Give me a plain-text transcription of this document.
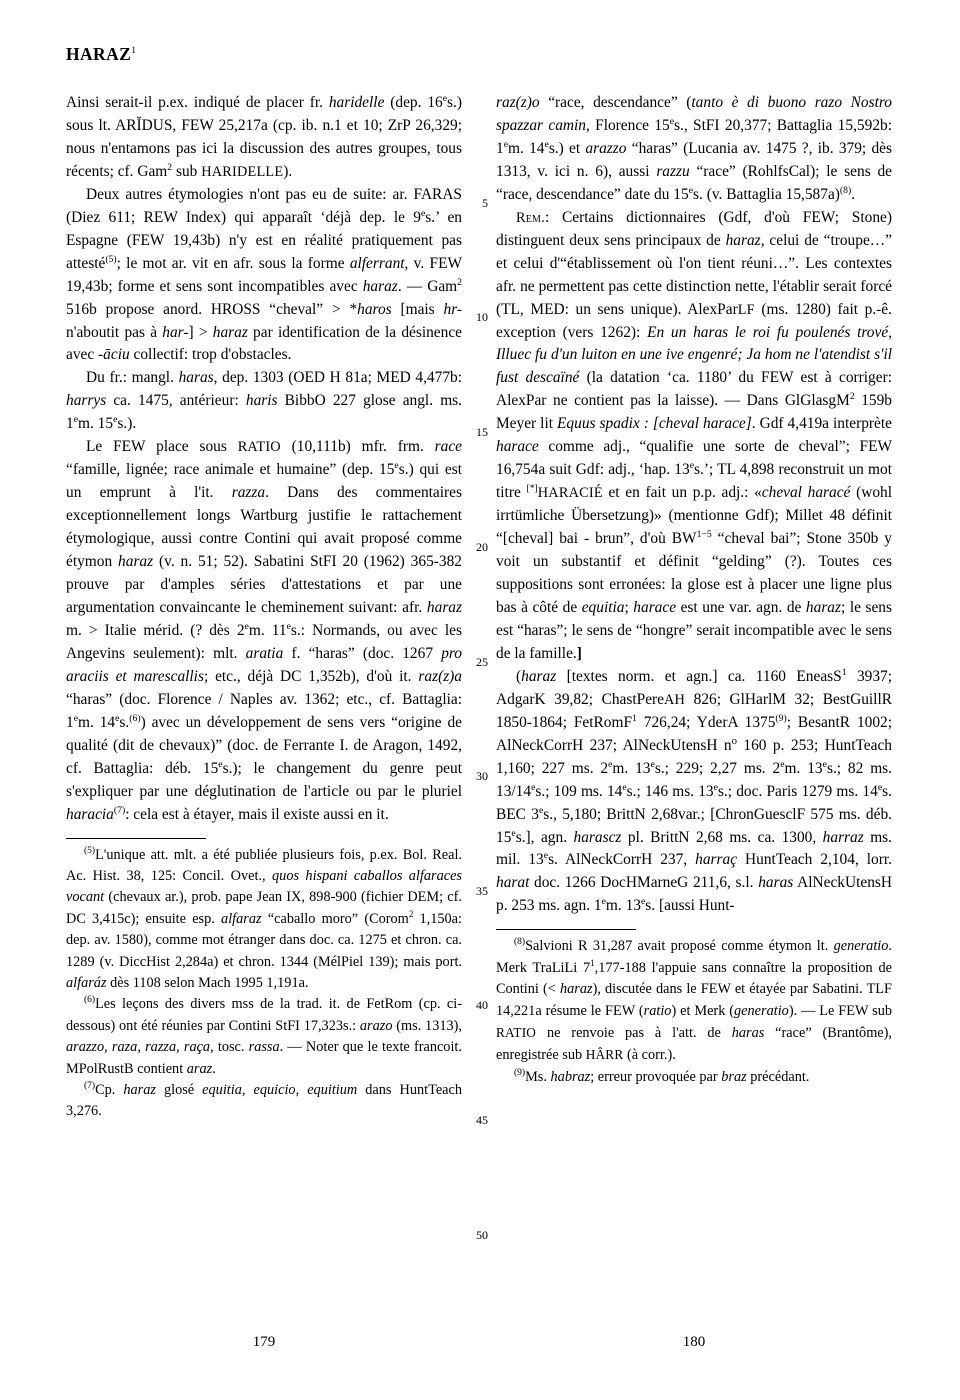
HARAZ$^1$

Ainsi serait-il p.ex. indiqué de placer fr. haridelle (dep. 16es.) sous lt. ARĬDUS, FEW 25,217a (cp. ib. n.1 et 10; ZrP 26,329; nous n'entamons pas ici la discussion des autres groupes, tous récents; cf. Gam$^2$ sub HARIDELLE).

Deux autres étymologies n'ont pas eu de suite: ar. FARAS (Diez 611; REW Index) qui apparaît ‘déjà dep. le 9es.’ en Espagne (FEW 19,43b) n'y est en réalité pratiquement pas attesté$^{(5)}$; le mot ar. vit en afr. sous la forme alferrant, v. FEW 19,43b; forme et sens sont incompatibles avec haraz. — Gam$^2$ 516b propose anord. HROSS “cheval” > *haros [mais hr- n'aboutit pas à har-] > haraz par identification de la désinence avec -āciu collectif: trop d'obstacles.

Du fr.: mangl. haras, dep. 1303 (OED H 81a; MED 4,477b: harrys ca. 1475, antérieur: haris BibbO 227 glose angl. ms. 1em. 15es.).

Le FEW place sous RATIO (10,111b) mfr. frm. race “famille, lignée; race animale et humaine” (dep. 15es.) qui est un emprunt à l'it. razza. Dans des commentaires exceptionnellement longs Wartburg justifie le rattachement étymologique, aussi contre Contini qui avait proposé comme étymon haraz (v. n. 51; 52). Sabatini StFI 20 (1962) 365-382 prouve par d'amples séries d'attestations et par une argumentation convaincante le cheminement suivant: afr. haraz m. > Italie mérid. (? dès 2em. 11es.: Normands, ou avec les Angevins seulement): mlt. aratia f. “haras” (doc. 1267 pro araciis et marescallis; etc., déjà DC 1,352b), d'où it. raz(z)a “haras” (doc. Florence / Naples av. 1362; etc., cf. Battaglia: 1em. 14es.$^{(6)}$) avec un développement de sens vers “origine de qualité (dit de chevaux)” (doc. de Ferrante I. de Aragon, 1492, cf. Battaglia: déb. 15es.); le changement du genre peut s'expliquer par une déglutination de l'article ou par le pluriel haracia$^{(7)}$: cela est à étayer, mais il existe aussi en it.

$^{(5)}$L'unique att. mlt. a été publiée plusieurs fois, p.ex. Bol. Real. Ac. Hist. 38, 125: Concil. Ovet., quos hispani caballos alfaraces vocant (chevaux ar.), prob. pape Jean IX, 898-900 (fichier DEM; cf. DC 3,415c); ensuite esp. alfaraz “caballo moro” (Corom$^2$ 1,150a: dep. av. 1580), comme mot étranger dans doc. ca. 1275 et chron. ca. 1289 (v. DiccHist 2,284a) et chron. 1344 (MélPiel 139); mais port. alfaráz dès 1108 selon Mach 1995 1,191a.

$^{(6)}$Les leçons des divers mss de la trad. it. de FetRom (cp. ci-dessous) ont été réunies par Contini StFI 17,323s.: arazo (ms. 1313), arazzo, raza, razza, raça, tosc. rassa. — Noter que le texte francoit. MPolRustB contient araz.

$^{(7)}$Cp. haraz glosé equitia, equicio, equitium dans HuntTeach 3,276.

raz(z)o “race, descendance” (tanto è di buono razo Nostro spazzar camin, Florence 15es., StFI 20,377; Battaglia 15,592b: 1em. 14es.) et arazzo “haras” (Lucania av. 1475 ?, ib. 379; dès 1313, v. ici n. 6), aussi razzu “race” (RohlfsCal); le sens de “race, descendance” date du 15es. (v. Battaglia 15,587a)$^{(8)}$.

Rem.: Certains dictionnaires (Gdf, d'où FEW; Stone) distinguent deux sens principaux de haraz, celui de “troupe…” et celui d'“établissement où l'on tient réuni…”. Les contextes afr. ne permettent pas cette distinction nette, l'établir serait forcé (TL, MED: un sens unique). AlexParLF (ms. 1280) fait p.-ê. exception (vers 1262): En un haras le roi fu poulenés trové, Illuec fu d'un luiton en une ive engenré; Ja hom ne l'atendist s'il fust descaïné (la datation ‘ca. 1180’ du FEW est à corriger: AlexPar ne contient pas la laisse). — Dans GlGlasgM$^2$ 159b Meyer lit Equus spadix : [cheval harace]. Gdf 4,419a interprète harace comme adj., “qualifie une sorte de cheval”; FEW 16,754a suit Gdf: adj., ‘hap. 13es.’; TL 4,898 reconstruit un mot titre [*]HARACIÉ et en fait un p.p. adj.: «cheval haracé (wohl irrtümliche Übersetzung)» (mentionne Gdf); Millet 48 définit “[cheval] bai - brun”, d'où $BW^{1-5}$ “cheval bai”; Stone 350b y voit un substantif et définit “gelding” (?). Toutes ces suppositions sont erronées: la glose est à placer une ligne plus bas à côté de equitia; harace est une var. agn. de haraz; le sens est “haras”; le sens de “hongre” serait incompatible avec le sens de la famille.]

(haraz [textes norm. et agn.] ca. 1160 EneasS$^1$ 3937; AdgarK 39,82; ChastPereAH 826; GlHarlM 32; BestGuillR 1850-1864; FetRomF$^1$ 726,24; YderA 1375$^{(9)}$; BesantR 1002; AlNeckCorrH 237; AlNeckUtensH $n^o$ 160 p. 253; HuntTeach 1,160; 227 ms. 2em. 13es.; 229; 2,27 ms. 2em. 13es.; 82 ms. 13/14es.; 109 ms. 14es.; 146 ms. 13es.; doc. Paris 1279 ms. 14es. BEC 3es., 5,180; BrittN 2,68var.; [ChronGuesclF 575 ms. déb. 15es.], agn. harascz pl. BrittN 2,68 ms. ca. 1300, harraz ms. mil. 13es. AlNeckCorrH 237, harraç HuntTeach 2,104, lorr. harat doc. 1266 DocHMarneG 211,6, s.l. haras AlNeckUtensH p. 253 ms. agn. 1em. 13es. [aussi Hunt-

$^{(8)}$Salvioni R 31,287 avait proposé comme étymon lt. generatio. Merk TraLiLi $7^1,177-188$ l'appuie sans connaître la proposition de Contini (< haraz), discutée dans le FEW et étayée par Sabatini. TLF 14,221a résume le FEW (ratio) et Merk (generatio). — Le FEW sub RATIO ne renvoie pas à l'att. de haras “race” (Brantôme), enregistrée sub HÂRR (à corr.).

$^{(9)}$Ms. habraz; erreur provoquée par braz précédant.

5
10
15
20
25
30
35
40
45
50
179	180
